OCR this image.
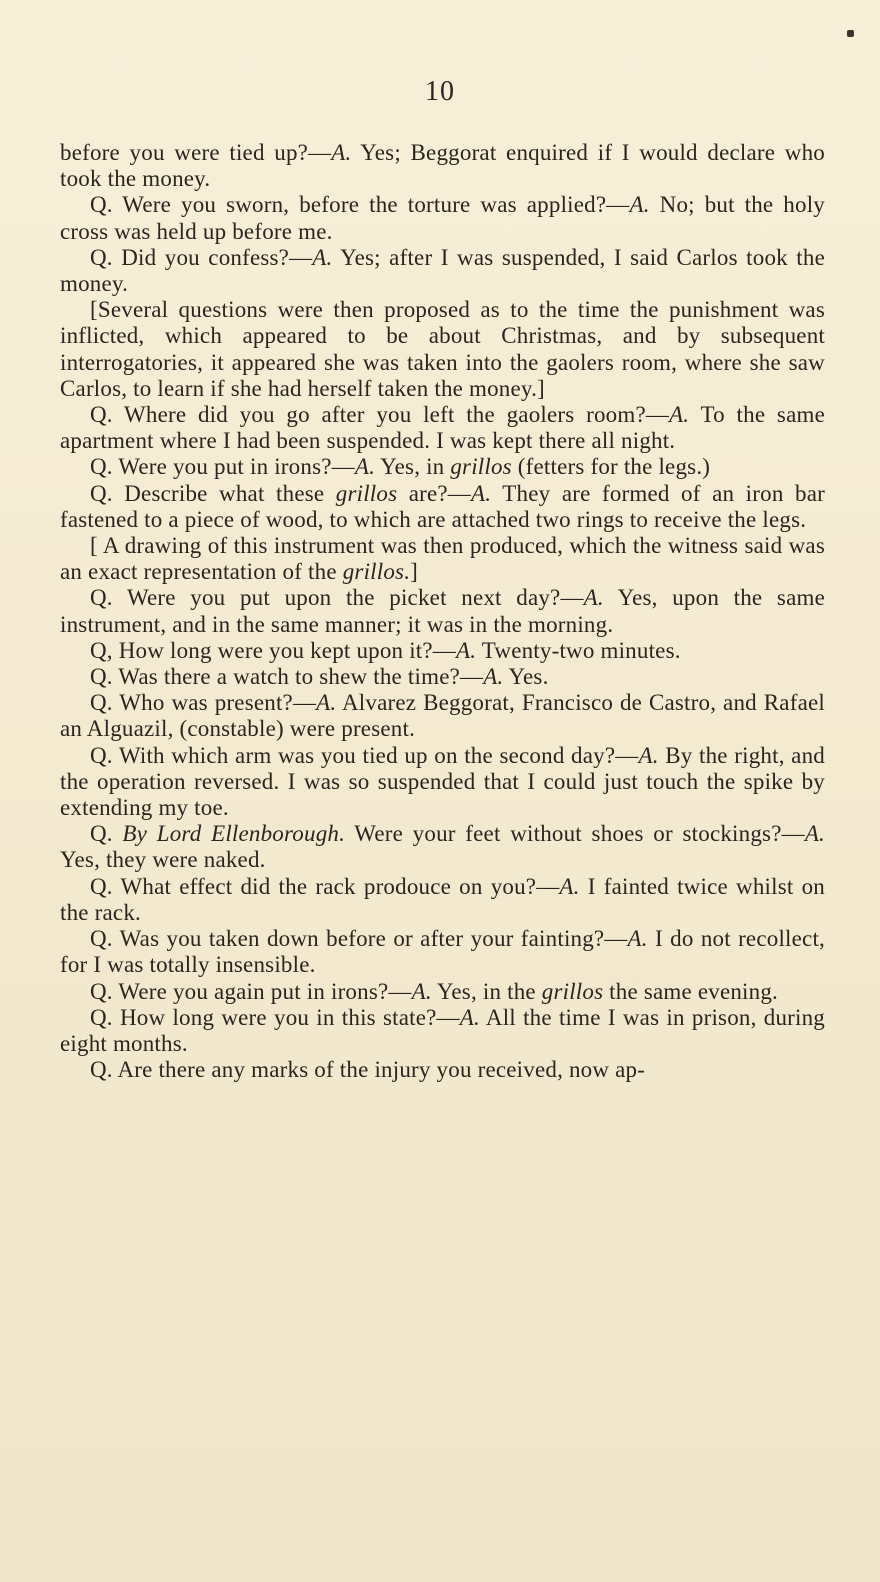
10

before you were tied up?—A. Yes; Beggorat enquired if I would declare who took the money.

Q. Were you sworn, before the torture was applied?—A. No; but the holy cross was held up before me.

Q. Did you confess?—A. Yes; after I was suspended, I said Carlos took the money.

[Several questions were then proposed as to the time the punishment was inflicted, which appeared to be about Christmas, and by subsequent interrogatories, it appeared she was taken into the gaolers room, where she saw Carlos, to learn if she had herself taken the money.]

Q. Where did you go after you left the gaolers room?—A. To the same apartment where I had been suspended. I was kept there all night.

Q. Were you put in irons?—A. Yes, in grillos (fetters for the legs.)

Q. Describe what these grillos are?—A. They are formed of an iron bar fastened to a piece of wood, to which are attached two rings to receive the legs.

[ A drawing of this instrument was then produced, which the witness said was an exact representation of the grillos.]

Q. Were you put upon the picket next day?—A. Yes, upon the same instrument, and in the same manner; it was in the morning.

Q, How long were you kept upon it?—A. Twenty-two minutes.

Q. Was there a watch to shew the time?—A. Yes.

Q. Who was present?—A. Alvarez Beggorat, Francisco de Castro, and Rafael an Alguazil, (constable) were present.

Q. With which arm was you tied up on the second day?—A. By the right, and the operation reversed. I was so suspended that I could just touch the spike by extending my toe.

Q. By Lord Ellenborough. Were your feet without shoes or stockings?—A. Yes, they were naked.

Q. What effect did the rack prodouce on you?—A. I fainted twice whilst on the rack.

Q. Was you taken down before or after your fainting?—A. I do not recollect, for I was totally insensible.

Q. Were you again put in irons?—A. Yes, in the grillos the same evening.

Q. How long were you in this state?—A. All the time I was in prison, during eight months.

Q. Are there any marks of the injury you received, now ap-
